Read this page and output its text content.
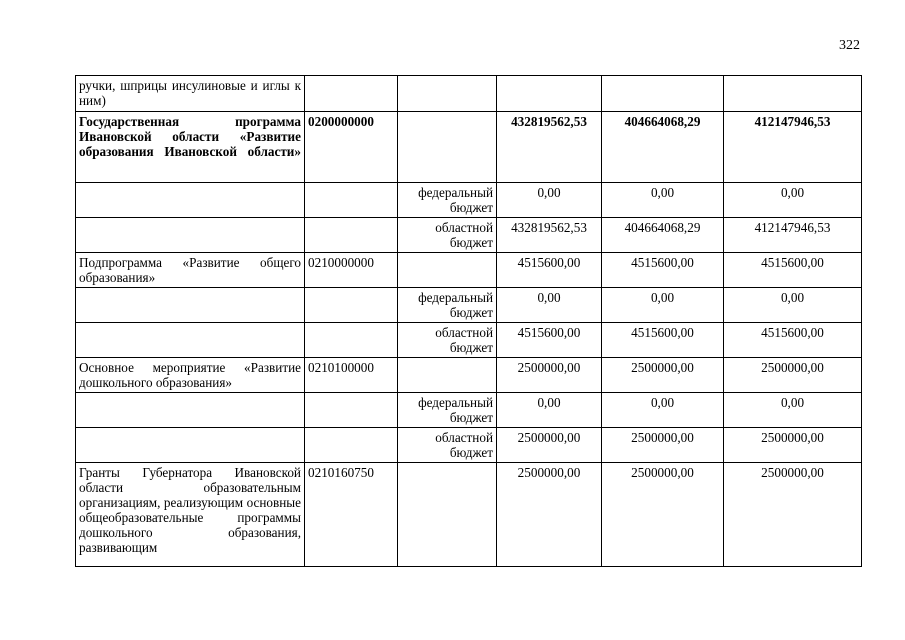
322
ручки, шприцы инсулиновые и иглы к ним)					
Государственная программа Ивановской области «Развитие образования Ивановской области»	0200000000		432819562,53	404664068,29	412147946,53
		федеральный бюджет	0,00	0,00	0,00
		областной бюджет	432819562,53	404664068,29	412147946,53
Подпрограмма «Развитие общего образования»	0210000000		4515600,00	4515600,00	4515600,00
		федеральный бюджет	0,00	0,00	0,00
		областной бюджет	4515600,00	4515600,00	4515600,00
Основное мероприятие «Развитие дошкольного образования»	0210100000		2500000,00	2500000,00	2500000,00
		федеральный бюджет	0,00	0,00	0,00
		областной бюджет	2500000,00	2500000,00	2500000,00
Гранты Губернатора Ивановской области образовательным организациям, реализующим основные общеобразовательные программы дошкольного образования, развивающим	0210160750		2500000,00	2500000,00	2500000,00
